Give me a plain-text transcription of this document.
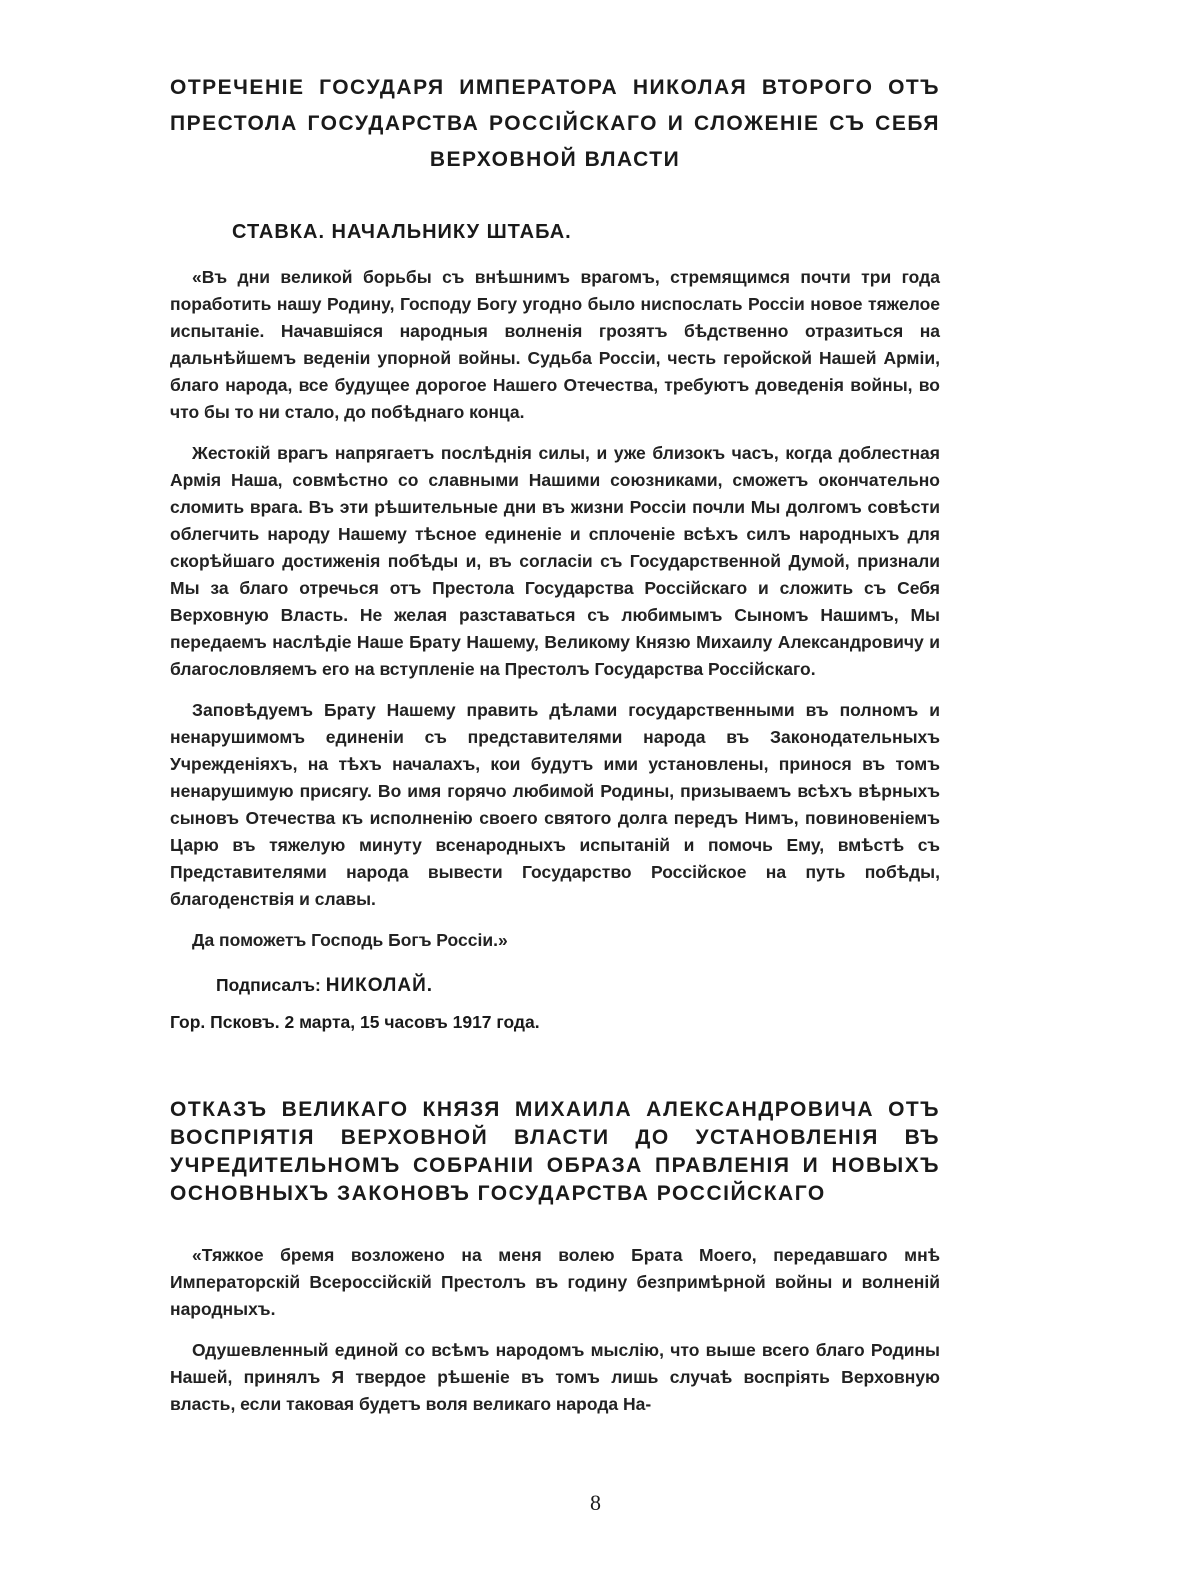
ОТРЕЧЕНІЕ ГОСУДАРЯ ИМПЕРАТОРА НИКОЛАЯ ВТОРОГО ОТЪ ПРЕСТОЛА ГОСУДАРСТВА РОССІЙСКАГО И СЛОЖЕНІЕ СЪ СЕБЯ ВЕРХОВНОЙ ВЛАСТИ
СТАВКА. НАЧАЛЬНИКУ ШТАБА.

«Въ дни великой борьбы съ внѣшнимъ врагомъ, стремящимся почти три года поработить нашу Родину, Господу Богу угодно было ниспослать Россіи новое тяжелое испытаніе. Начавшіяся народныя волненія грозятъ бѣдственно отразиться на дальнѣйшемъ веденіи упорной войны. Судьба Россіи, честь геройской Нашей Арміи, благо народа, все будущее дорогое Нашего Отечества, требуютъ доведенія войны, во что бы то ни стало, до побѣднаго конца.

Жестокій врагъ напрягаетъ послѣднія силы, и уже близокъ часъ, когда доблестная Армія Наша, совмѣстно со славными Нашими союзниками, сможетъ окончательно сломить врага. Въ эти рѣшительные дни въ жизни Россіи почли Мы долгомъ совѣсти облегчить народу Нашему тѣсное единеніе и сплоченіе всѣхъ силъ народныхъ для скорѣйшаго достиженія побѣды и, въ согласіи съ Государственной Думой, признали Мы за благо отречься отъ Престола Государства Россійскаго и сложить съ Себя Верховную Власть. Не желая разставаться съ любимымъ Сыномъ Нашимъ, Мы передаемъ наслѣдіе Наше Брату Нашему, Великому Князю Михаилу Александровичу и благословляемъ его на вступленіе на Престолъ Государства Россійскаго.

Заповѣдуемъ Брату Нашему править дѣлами государственными въ полномъ и ненарушимомъ единеніи съ представителями народа въ Законодательныхъ Учрежденіяхъ, на тѣхъ началахъ, кои будутъ ими установлены, принося въ томъ ненарушимую присягу. Во имя горячо любимой Родины, призываемъ всѣхъ вѣрныхъ сыновъ Отечества къ исполненію своего святого долга передъ Нимъ, повиновеніемъ Царю въ тяжелую минуту всенародныхъ испытаній и помочь Ему, вмѣстѣ съ Представителями народа вывести Государство Россійское на путь побѣды, благоденствія и славы.

Да поможетъ Господь Богъ Россіи.»

Подписалъ: НИКОЛАЙ.
Гор. Псковъ. 2 марта, 15 часовъ 1917 года.
ОТКАЗЪ ВЕЛИКАГО КНЯЗЯ МИХАИЛА АЛЕКСАНДРОВИЧА ОТЪ ВОСПРІЯТІЯ ВЕРХОВНОЙ ВЛАСТИ ДО УСТАНОВЛЕНІЯ ВЪ УЧРЕДИТЕЛЬНОМЪ СОБРАНІИ ОБРАЗА ПРАВЛЕНІЯ И НОВЫХЪ ОСНОВНЫХЪ ЗАКОНОВЪ ГОСУДАРСТВА РОССІЙСКАГО

«Тяжкое бремя возложено на меня волею Брата Моего, передавшаго мнѣ Императорскій Всероссійскій Престолъ въ годину безпримѣрной войны и волненій народныхъ.

Одушевленный единой со всѣмъ народомъ мыслію, что выше всего благо Родины Нашей, принялъ Я твердое рѣшеніе въ томъ лишь случаѣ воспріять Верховную власть, если таковая будетъ воля великаго народа На-

8
